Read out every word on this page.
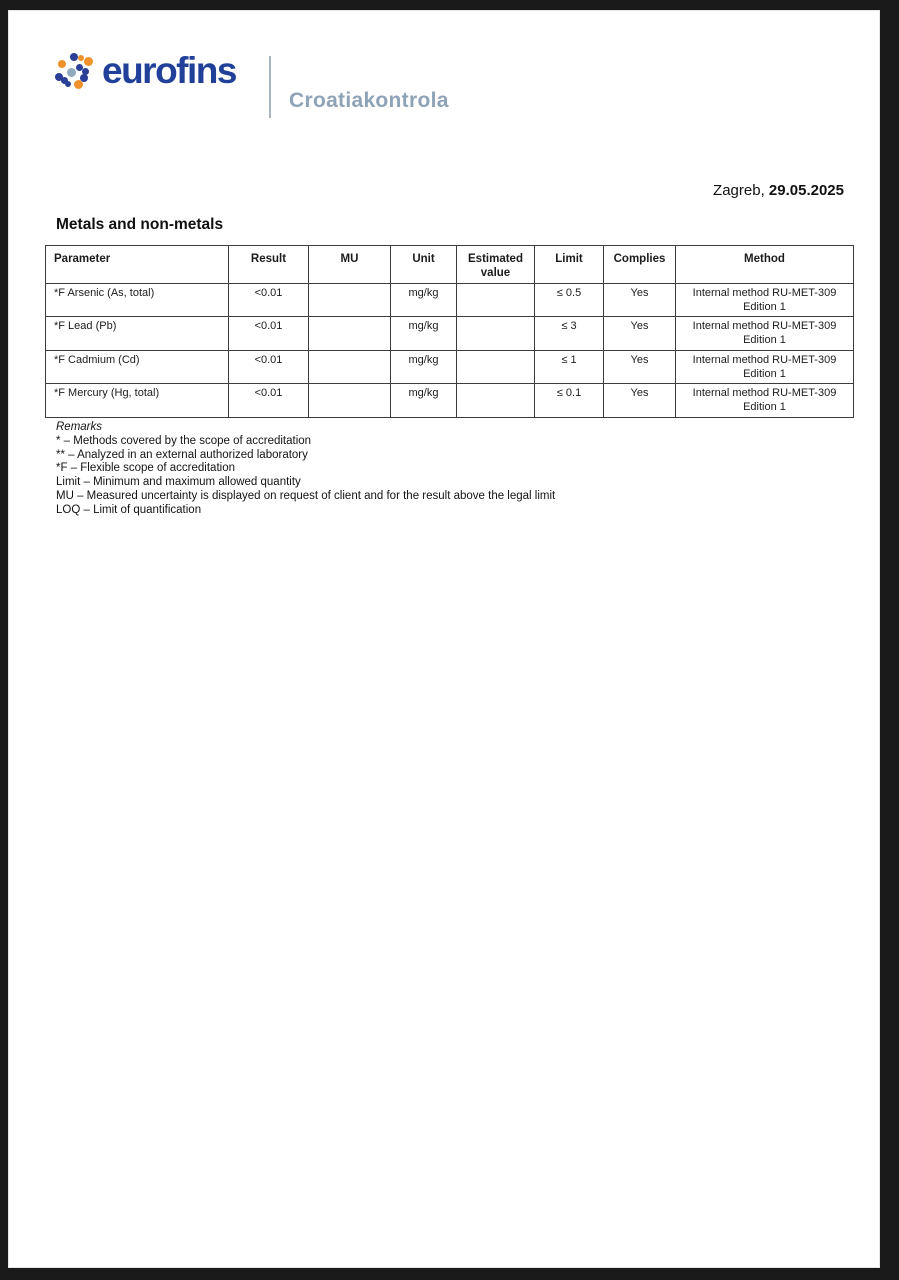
eurofins
Croatiakontrola
Zagreb, 29.05.2025
Metals and non-metals
Parameter	Result	MU	Unit	Estimated value	Limit	Complies	Method
*F Arsenic (As, total)	<0.01		mg/kg		≤ 0.5	Yes	Internal method RU-MET-309 Edition 1
*F Lead (Pb)	<0.01		mg/kg		≤ 3	Yes	Internal method RU-MET-309 Edition 1
*F Cadmium (Cd)	<0.01		mg/kg		≤ 1	Yes	Internal method RU-MET-309 Edition 1
*F Mercury (Hg, total)	<0.01		mg/kg		≤ 0.1	Yes	Internal method RU-MET-309 Edition 1
Remarks
* – Methods covered by the scope of accreditation
** – Analyzed in an external authorized laboratory
*F – Flexible scope of accreditation
Limit – Minimum and maximum allowed quantity
MU – Measured uncertainty is displayed on request of client and for the result above the legal limit
LOQ – Limit of quantification
